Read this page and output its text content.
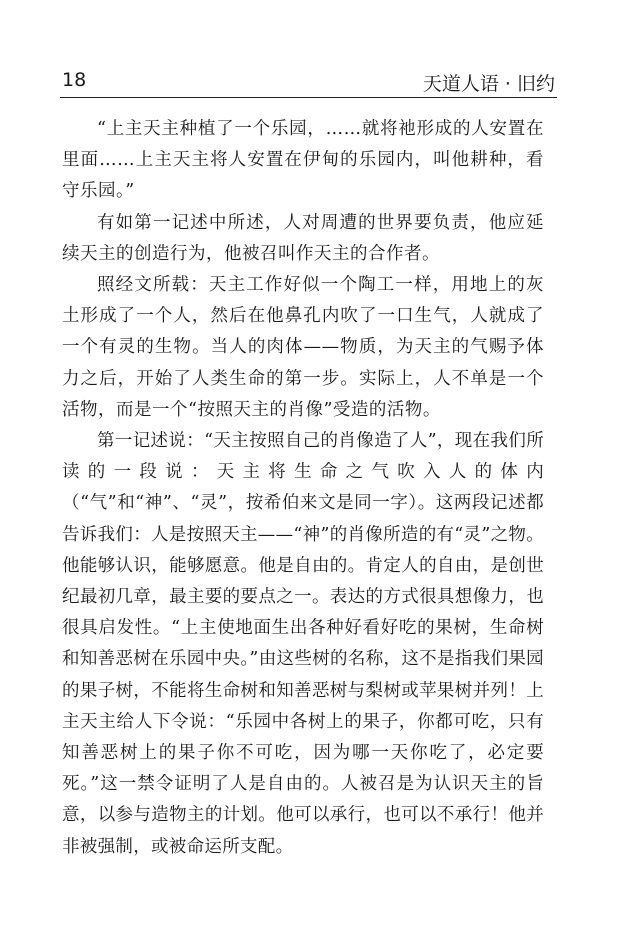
18	天道人语 · 旧约

“上主天主种植了一个乐园，……就将祂形成的人安置在里面……上主天主将人安置在伊甸的乐园内，叫他耕种，看守乐园。”

有如第一记述中所述，人对周遭的世界要负责，他应延续天主的创造行为，他被召叫作天主的合作者。

照经文所载：天主工作好似一个陶工一样，用地上的灰土形成了一个人，然后在他鼻孔内吹了一口生气，人就成了一个有灵的生物。当人的肉体——物质，为天主的气赐予体力之后，开始了人类生命的第一步。实际上，人不单是一个活物，而是一个“按照天主的肖像”受造的活物。

第一记述说：“天主按照自己的肖像造了人”，现在我们所读的一段说：天主将生命之气吹入人的体内（“气”和“神”、“灵”，按希伯来文是同一字）。这两段记述都告诉我们：人是按照天主——“神”的肖像所造的有“灵”之物。他能够认识，能够愿意。他是自由的。肯定人的自由，是创世纪最初几章，最主要的要点之一。表达的方式很具想像力，也很具启发性。“上主使地面生出各种好看好吃的果树，生命树和知善恶树在乐园中央。”由这些树的名称，这不是指我们果园的果子树，不能将生命树和知善恶树与梨树或苹果树并列！上主天主给人下令说：“乐园中各树上的果子，你都可吃，只有知善恶树上的果子你不可吃，因为哪一天你吃了，必定要死。”这一禁令证明了人是自由的。人被召是为认识天主的旨意，以参与造物主的计划。他可以承行，也可以不承行！他并非被强制，或被命运所支配。
